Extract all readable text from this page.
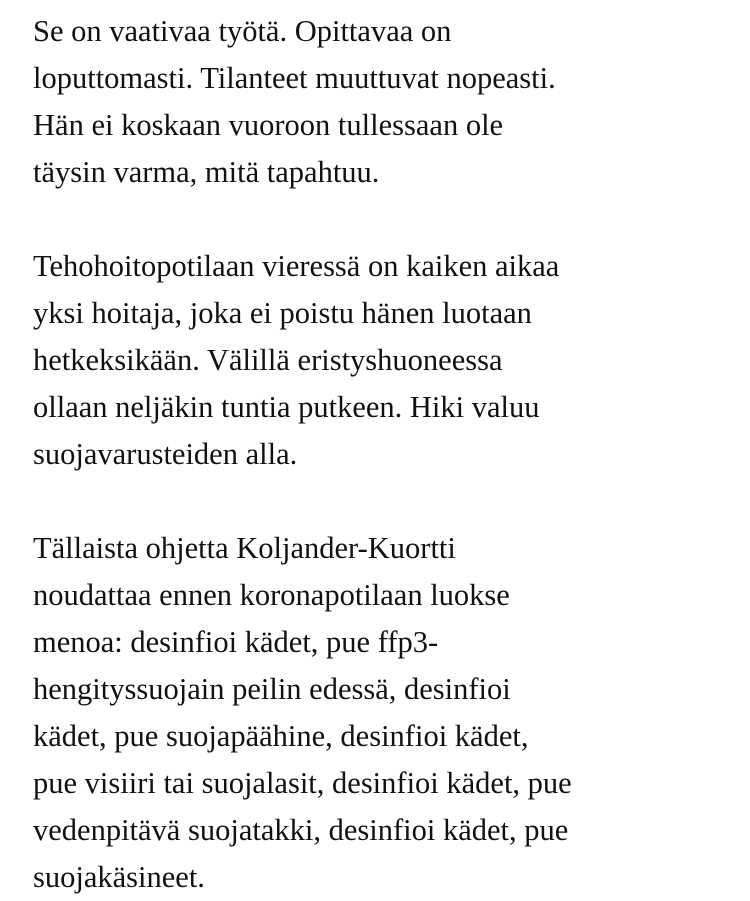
Se on vaativaa työtä. Opittavaa on
loputtomasti. Tilanteet muuttuvat nopeasti.
Hän ei koskaan vuoroon tullessaan ole
täysin varma, mitä tapahtuu.

Tehohoitopotilaan vieressä on kaiken aikaa
yksi hoitaja, joka ei poistu hänen luotaan
hetkeksikään. Välillä eristyshuoneessa
ollaan neljäkin tuntia putkeen. Hiki valuu
suojavarusteiden alla.

Tällaista ohjetta Koljander-Kuortti
noudattaa ennen koronapotilaan luokse
menoa: desinfioi kädet, pue ffp3-
hengityssuojain peilin edessä, desinfioi
kädet, pue suojapäähine, desinfioi kädet,
pue visiiri tai suojalasit, desinfioi kädet, pue
vedenpitävä suojatakki, desinfioi kädet, pue
suojakäsineet.
